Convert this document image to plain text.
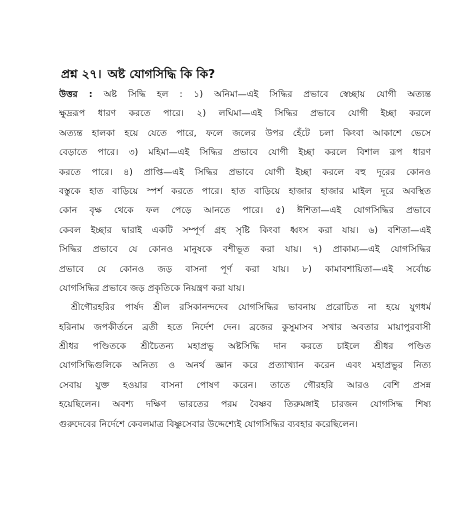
প্রশ্ন ২৭। অষ্ট যোগসিদ্ধি কি কি?
উত্তর : অষ্ট সিদ্ধি হল : ১) অনিমা—এই সিদ্ধির প্রভাবে স্বেচ্ছায় যোগী অত্যন্ত
ক্ষুদ্ররূপ ধারণ করতে পারে। ২) লঘিমা—এই সিদ্ধির প্রভাবে যোগী ইচ্ছা করলে
অত্যন্ত হালকা হয়ে যেতে পারে, ফলে জলের উপর হেঁটে চলা কিংবা আকাশে ভেসে
বেড়াতে পারে। ৩) মহিমা—এই সিদ্ধির প্রভাবে যোগী ইচ্ছা করলে বিশাল রূপ ধারণ
করতে পারে। ৪) প্রাপ্তি—এই সিদ্ধির প্রভাবে যোগী ইচ্ছা করলে বহু দূরের কোনও
বস্তুকে হাত বাড়িয়ে স্পর্শ করতে পারে। হাত বাড়িয়ে হাজার হাজার মাইল দূরে অবস্থিত
কোন বৃক্ষ থেকে ফল পেড়ে আনতে পারে। ৫) ঈশিতা—এই যোগসিদ্ধির প্রভাবে
কেবল ইচ্ছার দ্বারাই একটি সম্পূর্ণ গ্রহ সৃষ্টি কিংবা ধ্বংস করা যায়। ৬) বশিতা—এই
সিদ্ধির প্রভাবে যে কোনও মানুষকে বশীভূত করা যায়। ৭) প্রাকাম্য—এই যোগসিদ্ধির
প্রভাবে যে কোনও জড় বাসনা পূর্ণ করা যায়। ৮) কামাবশায়িতা—এই সর্বোচ্চ
যোগসিদ্ধির প্রভাবে জড় প্রকৃতিকে নিয়ন্ত্রণ করা যায়।
শ্রীগৌরহরির পার্ষদ শ্রীল রসিকানন্দদেব যোগসিদ্ধির ভাবনায় প্ররোচিত না হয়ে যুগধর্ম
হরিনাম জপকীর্তনে ব্রতী হতে নির্দেশ দেন। ব্রজের কুসুমাসব সখার অবতার মায়াপুরবাসী
শ্রীধর পণ্ডিতকে শ্রীচৈতন্য মহাপ্রভু অষ্টসিদ্ধি দান করতে চাইলে শ্রীধর পণ্ডিত
যোগসিদ্ধিগুলিকে অনিত্য ও অনর্থ জ্ঞান করে প্রত্যাখ্যান করেন এবং মহাপ্রভুর নিত্য
সেবায় যুক্ত হওয়ার বাসনা পোষণ করেন। তাতে গৌরহরি আরও বেশি প্রসন্ন
হয়েছিলেন। অবশ্য দক্ষিণ ভারতের পরম বৈষ্ণব তিরুমঙ্গাই চারজন যোগসিদ্ধ শিষ্য
গুরুদেবের নির্দেশে কেবলমাত্র বিষ্ণুসেবার উদ্দেশ্যেই যোগসিদ্ধির ব্যবহার করেছিলেন।
